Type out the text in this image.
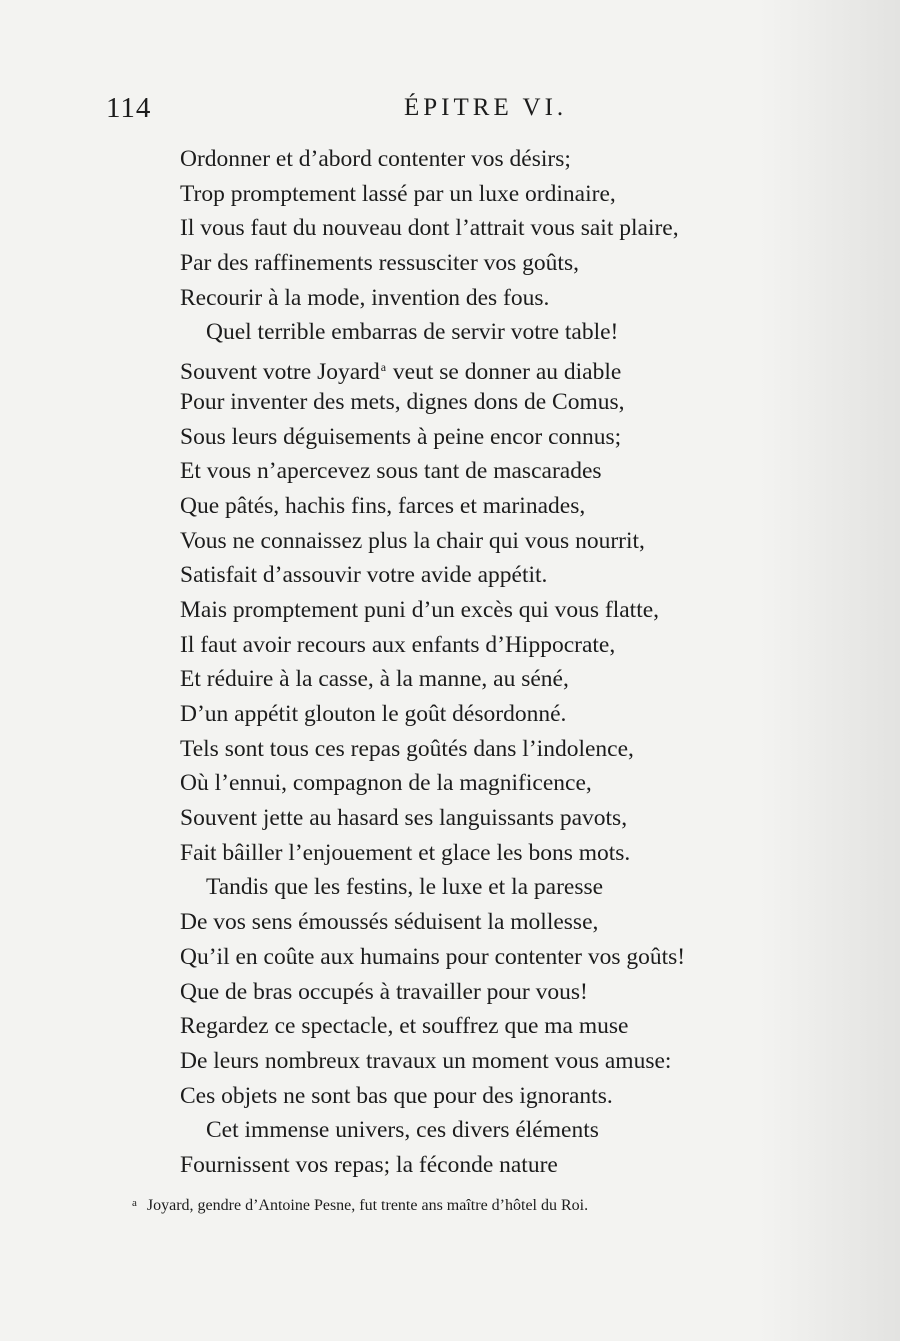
114	ÉPITRE VI.
Ordonner et d’abord contenter vos désirs;
Trop promptement lassé par un luxe ordinaire,
Il vous faut du nouveau dont l’attrait vous sait plaire,
Par des raffinements ressusciter vos goûts,
Recourir à la mode, invention des fous.
Quel terrible embarras de servir votre table!
Souvent votre Joyard$^a$ veut se donner au diable
Pour inventer des mets, dignes dons de Comus,
Sous leurs déguisements à peine encor connus;
Et vous n’apercevez sous tant de mascarades
Que pâtés, hachis fins, farces et marinades,
Vous ne connaissez plus la chair qui vous nourrit,
Satisfait d’assouvir votre avide appétit.
Mais promptement puni d’un excès qui vous flatte,
Il faut avoir recours aux enfants d’Hippocrate,
Et réduire à la casse, à la manne, au séné,
D’un appétit glouton le goût désordonné.
Tels sont tous ces repas goûtés dans l’indolence,
Où l’ennui, compagnon de la magnificence,
Souvent jette au hasard ses languissants pavots,
Fait bâiller l’enjouement et glace les bons mots.
Tandis que les festins, le luxe et la paresse
De vos sens émoussés séduisent la mollesse,
Qu’il en coûte aux humains pour contenter vos goûts!
Que de bras occupés à travailler pour vous!
Regardez ce spectacle, et souffrez que ma muse
De leurs nombreux travaux un moment vous amuse:
Ces objets ne sont bas que pour des ignorants.
Cet immense univers, ces divers éléments
Fournissent vos repas; la féconde nature
$^a$ Joyard, gendre d’Antoine Pesne, fut trente ans maître d’hôtel du Roi.
